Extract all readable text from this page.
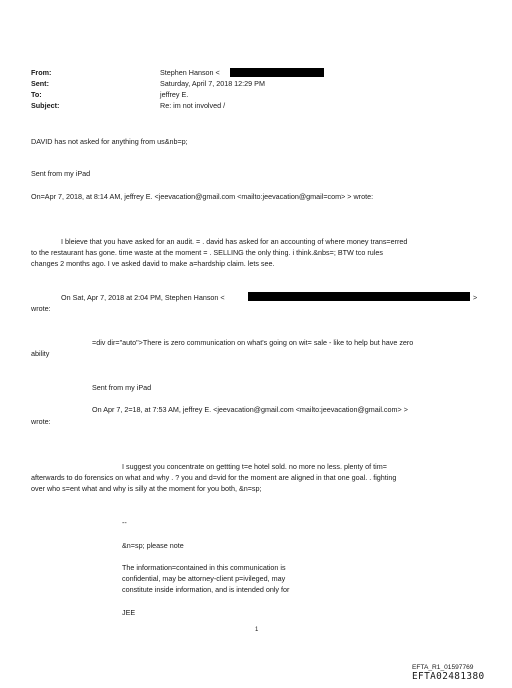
From:
Sent:
To:
Subject:
Stephen Hanson <
Saturday, April 7, 2018 12:29 PM
jeffrey E.
Re: im not involved /
DAVID has not asked for anything from us&nb=p;
Sent from my iPad
On=Apr 7, 2018, at 8:14 AM, jeffrey E. <jeevacation@gmail.com <mailto:jeevacation@gmail=com> > wrote:
I bleieve that you have asked for an audit. = . david has asked for an accounting of where money trans=erred
to the restaurant has gone. time waste at the moment = . SELLING the only thing. i think.&nbs=; BTW tco rules
changes 2 months ago. I ve asked david to make a=hardship claim. lets see.
On Sat, Apr 7, 2018 at 2:04 PM, Stephen Hanson <	>
wrote:
=div dir="auto">There is zero communication on what's going on wit= sale - like to help but have zero
ability
Sent from my iPad
On Apr 7, 2=18, at 7:53 AM, jeffrey E. <jeevacation@gmail.com <mailto:jeevacation@gmail.com> >
wrote:
I suggest you concentrate on gettting t=e hotel sold. no more no less. plenty of tim=
afterwards to do forensics on what and why . ? you and d=vid for the moment are aligned in that one goal. . fighting
over who s=ent what and why is silly at the moment for you both, &n=sp;
--
&n=sp; please note
The information=contained in this communication is
confidential, may be attorney-client p=ivileged, may
constitute inside information, and is intended only for
JEE
1
EFTA_R1_01597769
EFTA02481380
